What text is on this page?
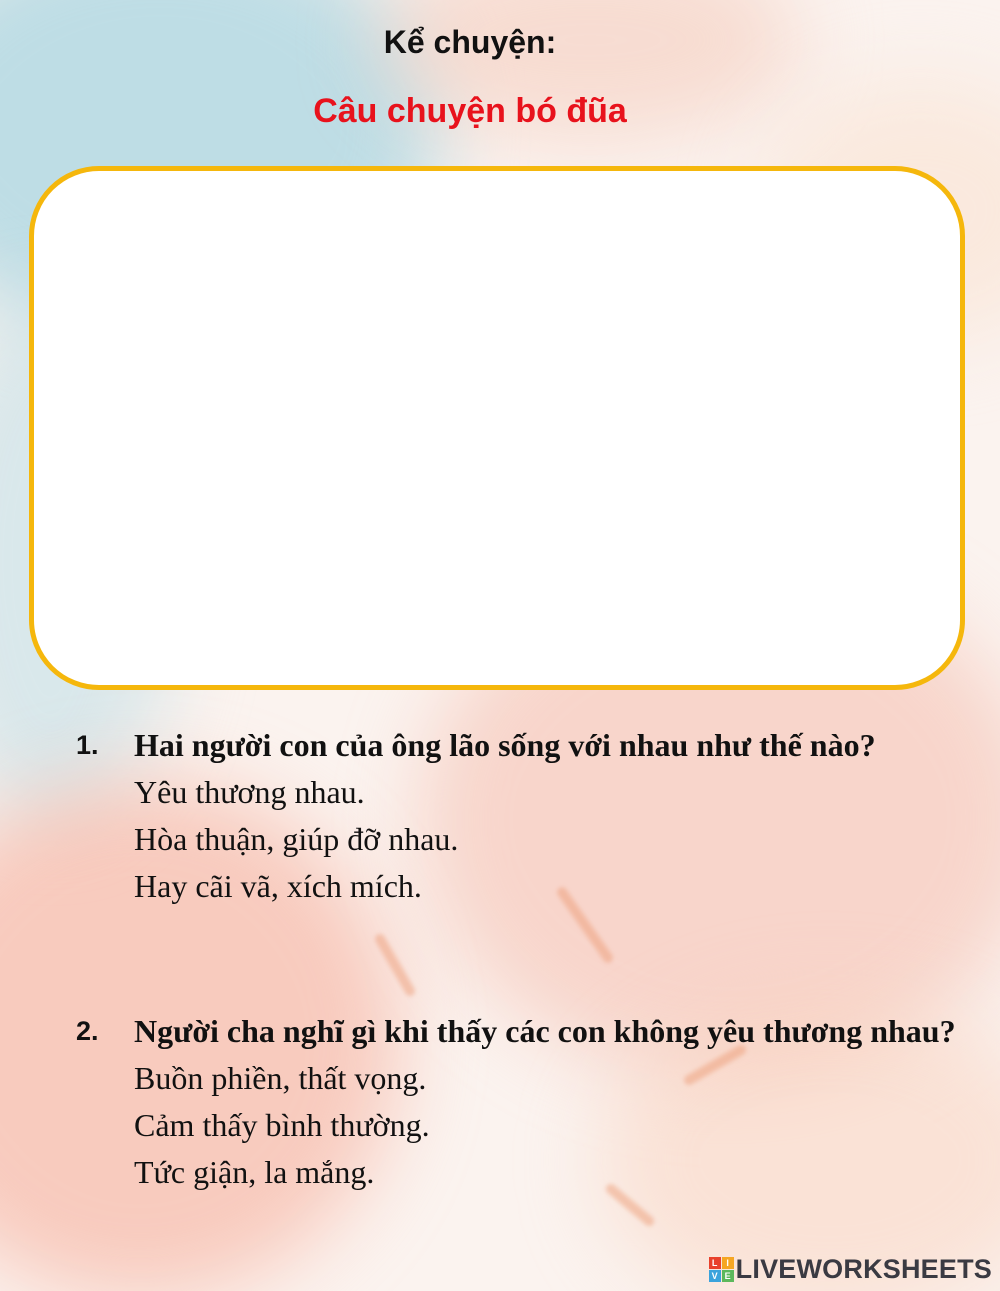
Kể chuyện:
Câu chuyện bó đũa
1.	Hai người con của ông lão sống với nhau như thế nào?
Yêu thương nhau.
Hòa thuận, giúp đỡ nhau.
Hay cãi vã, xích mích.
2.	Người cha nghĩ gì khi thấy các con không yêu thương nhau?
Buồn phiền, thất vọng.
Cảm thấy bình thường.
Tức giận, la mắng.
L I
V E LIVEWORKSHEETS
